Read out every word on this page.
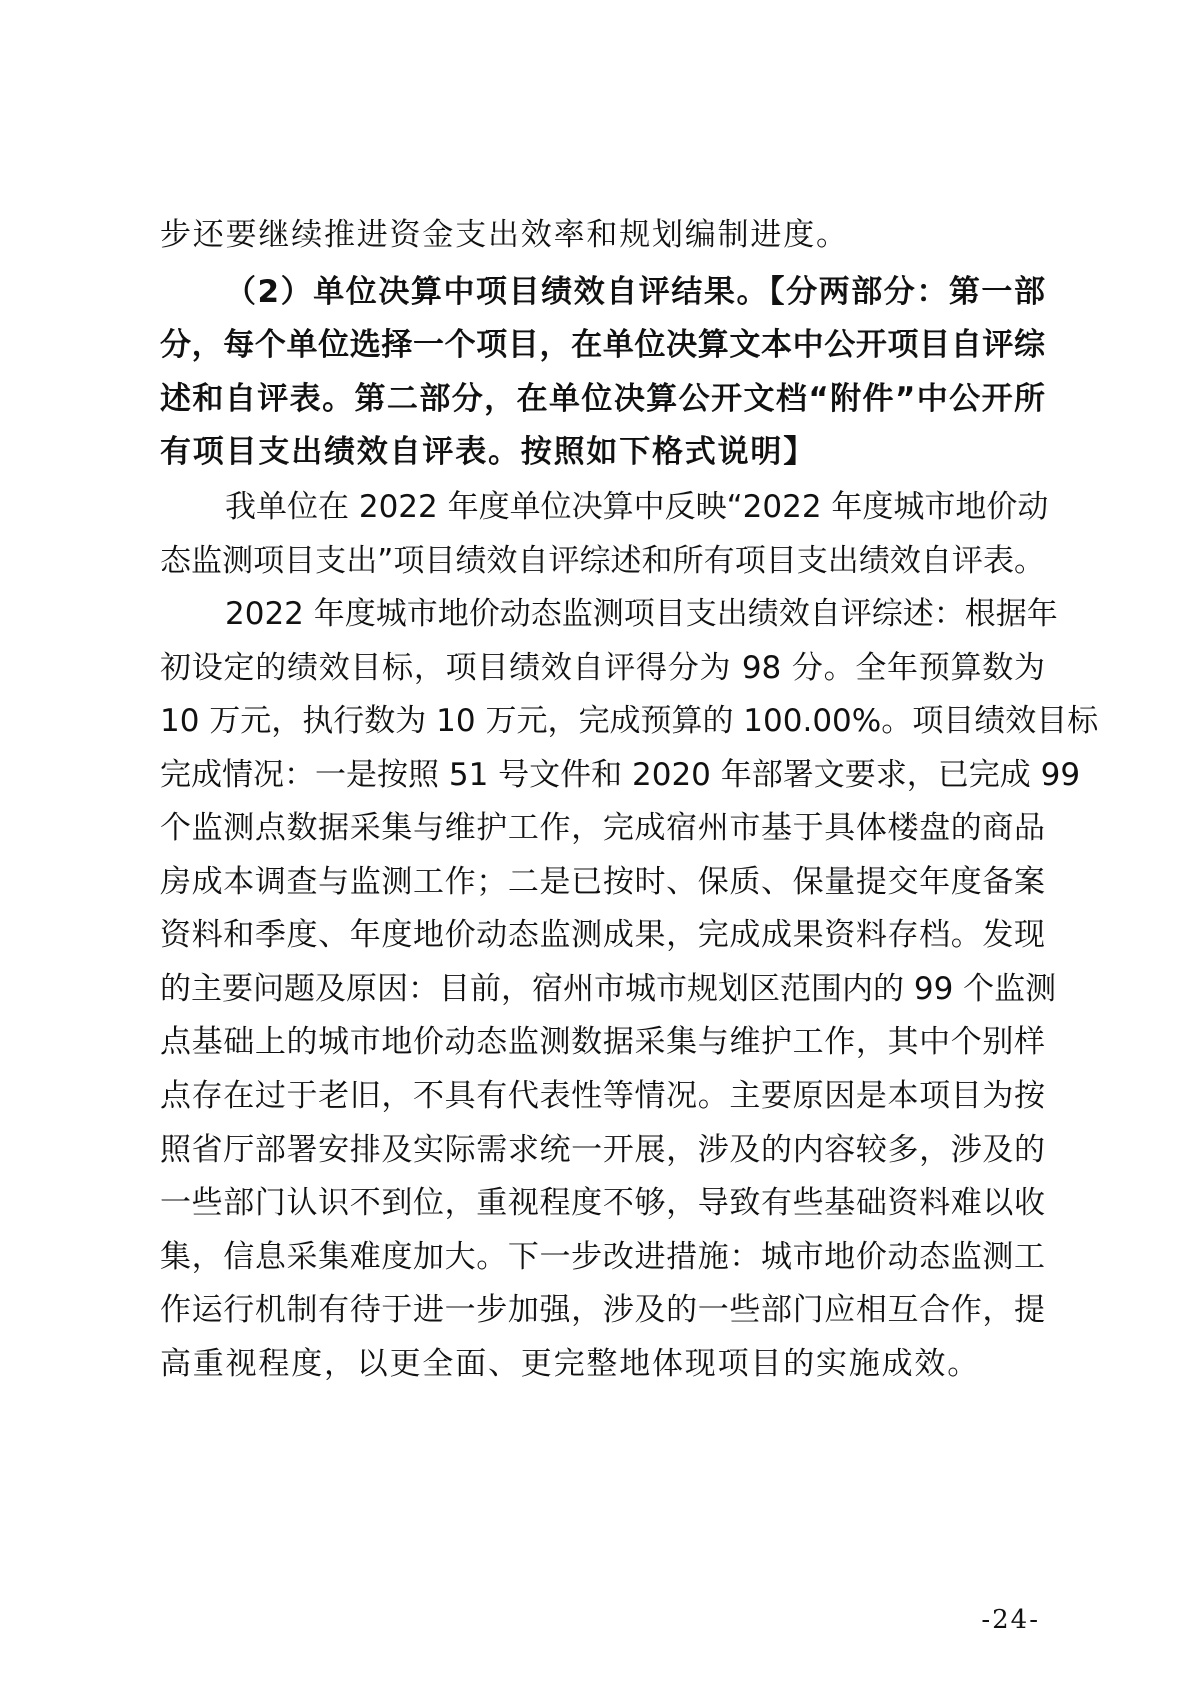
步还要继续推进资金支出效率和规划编制进度。
（2）单位决算中项目绩效自评结果。【分两部分：第一部
分，每个单位选择一个项目，在单位决算文本中公开项目自评综
述和自评表。第二部分，在单位决算公开文档“附件”中公开所
有项目支出绩效自评表。按照如下格式说明】
我单位在 2022 年度单位决算中反映“2022 年度城市地价动
态监测项目支出”项目绩效自评综述和所有项目支出绩效自评表。
2022 年度城市地价动态监测项目支出绩效自评综述：根据年
初设定的绩效目标，项目绩效自评得分为 98 分。全年预算数为
10 万元，执行数为 10 万元，完成预算的 100.00%。项目绩效目标
完成情况：一是按照 51 号文件和 2020 年部署文要求，已完成 99
个监测点数据采集与维护工作，完成宿州市基于具体楼盘的商品
房成本调查与监测工作；二是已按时、保质、保量提交年度备案
资料和季度、年度地价动态监测成果，完成成果资料存档。发现
的主要问题及原因：目前，宿州市城市规划区范围内的 99 个监测
点基础上的城市地价动态监测数据采集与维护工作，其中个别样
点存在过于老旧，不具有代表性等情况。主要原因是本项目为按
照省厅部署安排及实际需求统一开展，涉及的内容较多，涉及的
一些部门认识不到位，重视程度不够，导致有些基础资料难以收
集，信息采集难度加大。下一步改进措施：城市地价动态监测工
作运行机制有待于进一步加强，涉及的一些部门应相互合作，提
高重视程度，以更全面、更完整地体现项目的实施成效。
-24-
